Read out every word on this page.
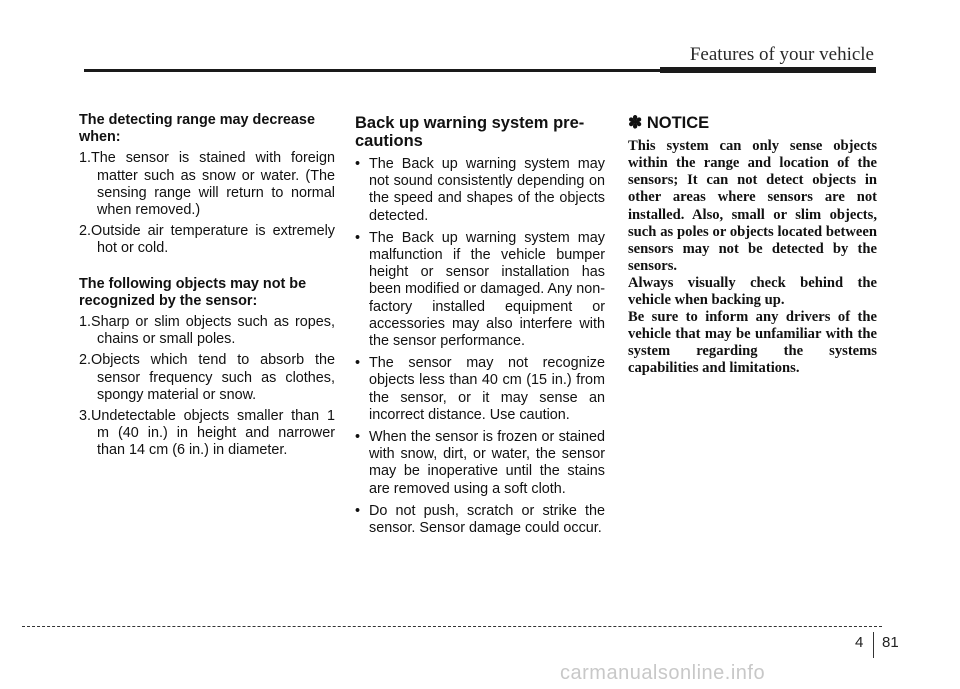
Features of your vehicle

The detecting range may decrease when:

1.The sensor is stained with foreign matter such as snow or water. (The sensing range will return to normal when removed.)
2.Outside air temperature is extremely hot or cold.

The following objects may not be recognized by the sensor:

1.Sharp or slim objects such as ropes, chains or small poles.
2.Objects which tend to absorb the sensor frequency such as clothes, spongy material or snow.
3.Undetectable objects smaller than 1 m (40 in.) in height and narrower than 14 cm (6 in.) in diameter.
Back up warning system pre-cautions
• The Back up warning system may not sound consistently depending on the speed and shapes of the objects detected.
• The Back up warning system may malfunction if the vehicle bumper height or sensor installation has been modified or damaged. Any non-factory installed equipment or accessories may also interfere with the sensor performance.
• The sensor may not recognize objects less than 40 cm (15 in.) from the sensor, or it may sense an incorrect distance. Use caution.
• When the sensor is frozen or stained with snow, dirt, or water, the sensor may be inoperative until the stains are removed using a soft cloth.
• Do not push, scratch or strike the sensor. Sensor damage could occur.
✽ NOTICE

This system can only sense objects within the range and location of the sensors; It can not detect objects in other areas where sensors are not installed. Also, small or slim objects, such as poles or objects located between sensors may not be detected by the sensors.

Always visually check behind the vehicle when backing up.

Be sure to inform any drivers of the vehicle that may be unfamiliar with the system regarding the systems capabilities and limitations.

4 81
carmanualsonline.info
